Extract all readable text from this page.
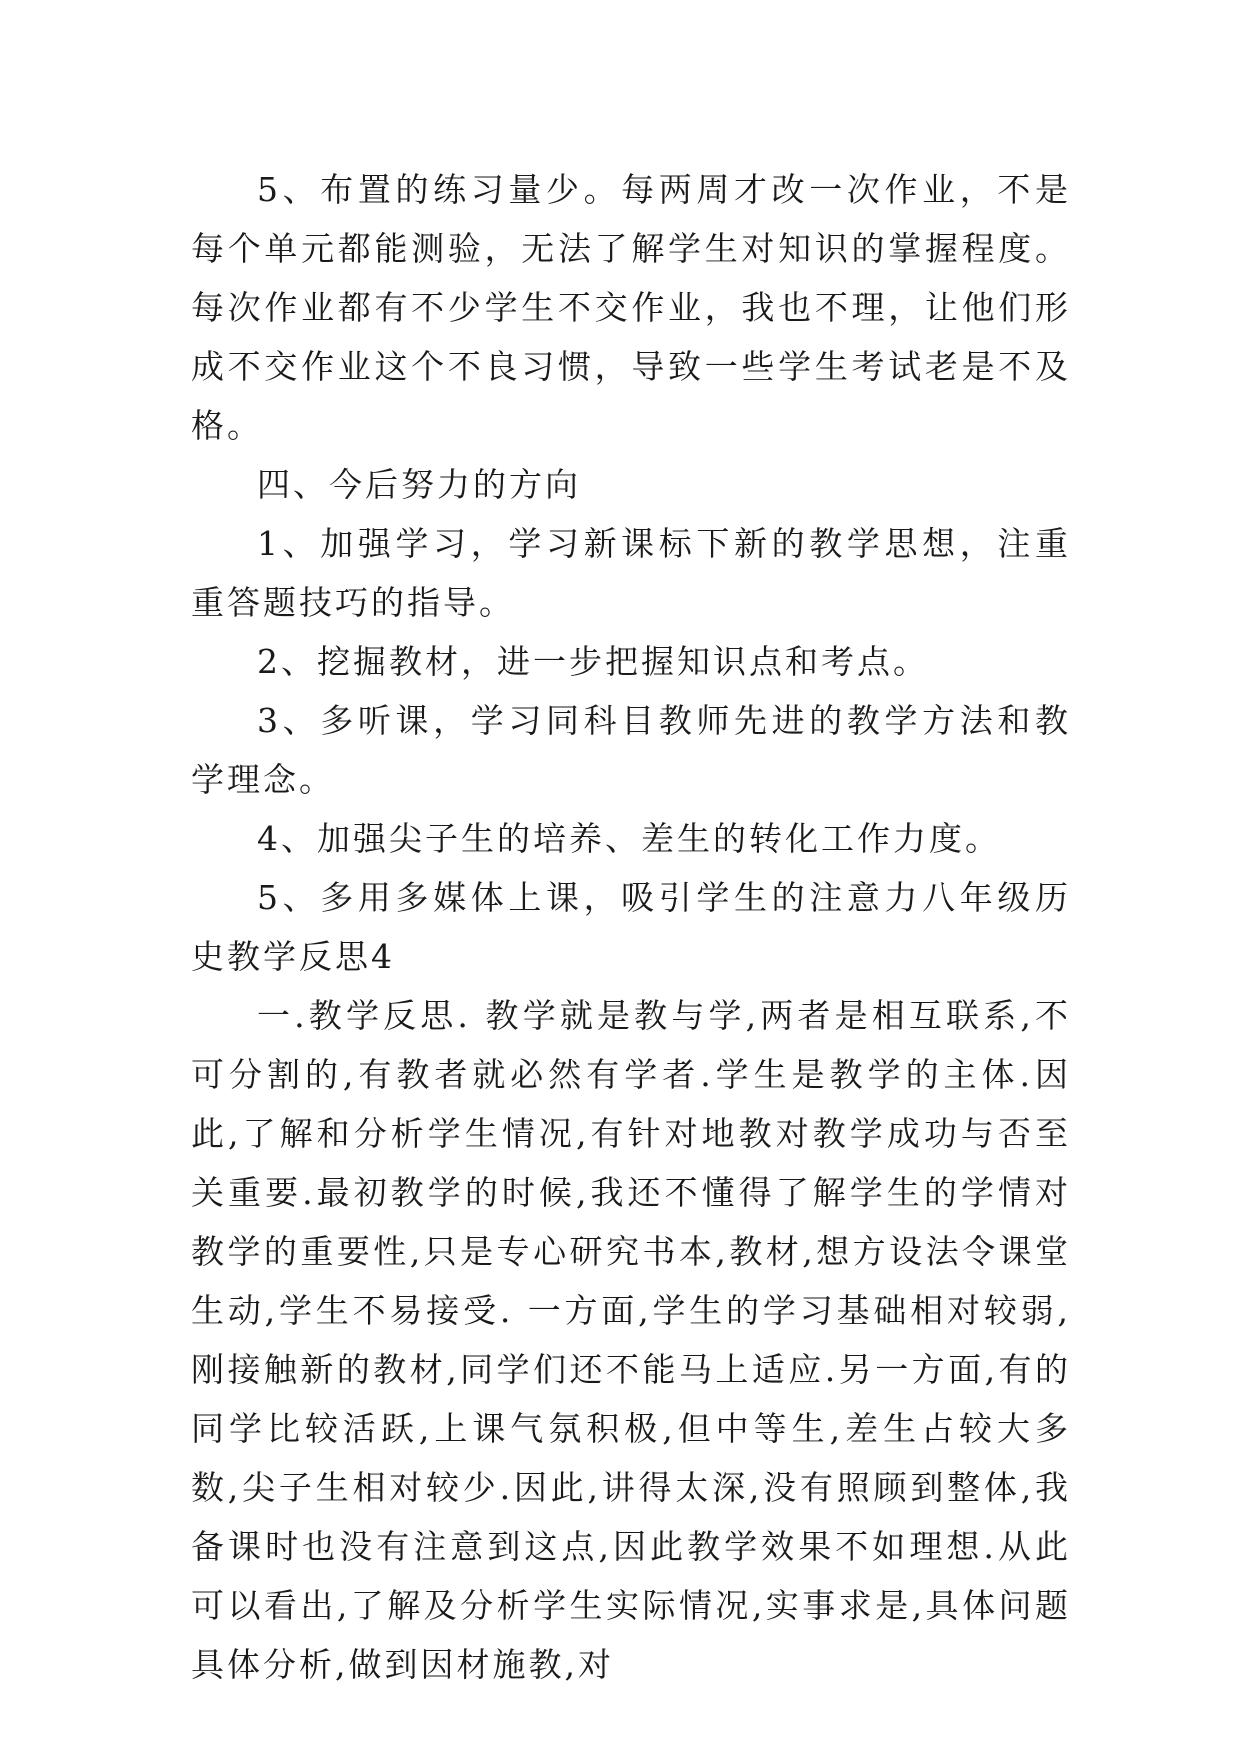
5、布置的练习量少。每两周才改一次作业，不是每个单元都能测验，无法了解学生对知识的掌握程度。每次作业都有不少学生不交作业，我也不理，让他们形成不交作业这个不良习惯，导致一些学生考试老是不及格。

四、今后努力的方向

1、加强学习，学习新课标下新的教学思想，注重重答题技巧的指导。

2、挖掘教材，进一步把握知识点和考点。

3、多听课，学习同科目教师先进的教学方法和教学理念。

4、加强尖子生的培养、差生的转化工作力度。

5、多用多媒体上课，吸引学生的注意力八年级历史教学反思4

一.教学反思. 教学就是教与学,两者是相互联系,不可分割的,有教者就必然有学者.学生是教学的主体.因此,了解和分析学生情况,有针对地教对教学成功与否至关重要.最初教学的时候,我还不懂得了解学生的学情对教学的重要性,只是专心研究书本,教材,想方设法令课堂生动,学生不易接受. 一方面,学生的学习基础相对较弱,刚接触新的教材,同学们还不能马上适应.另一方面,有的同学比较活跃,上课气氛积极,但中等生,差生占较大多数,尖子生相对较少.因此,讲得太深,没有照顾到整体,我备课时也没有注意到这点,因此教学效果不如理想.从此可以看出,了解及分析学生实际情况,实事求是,具体问题具体分析,做到因材施教,对
